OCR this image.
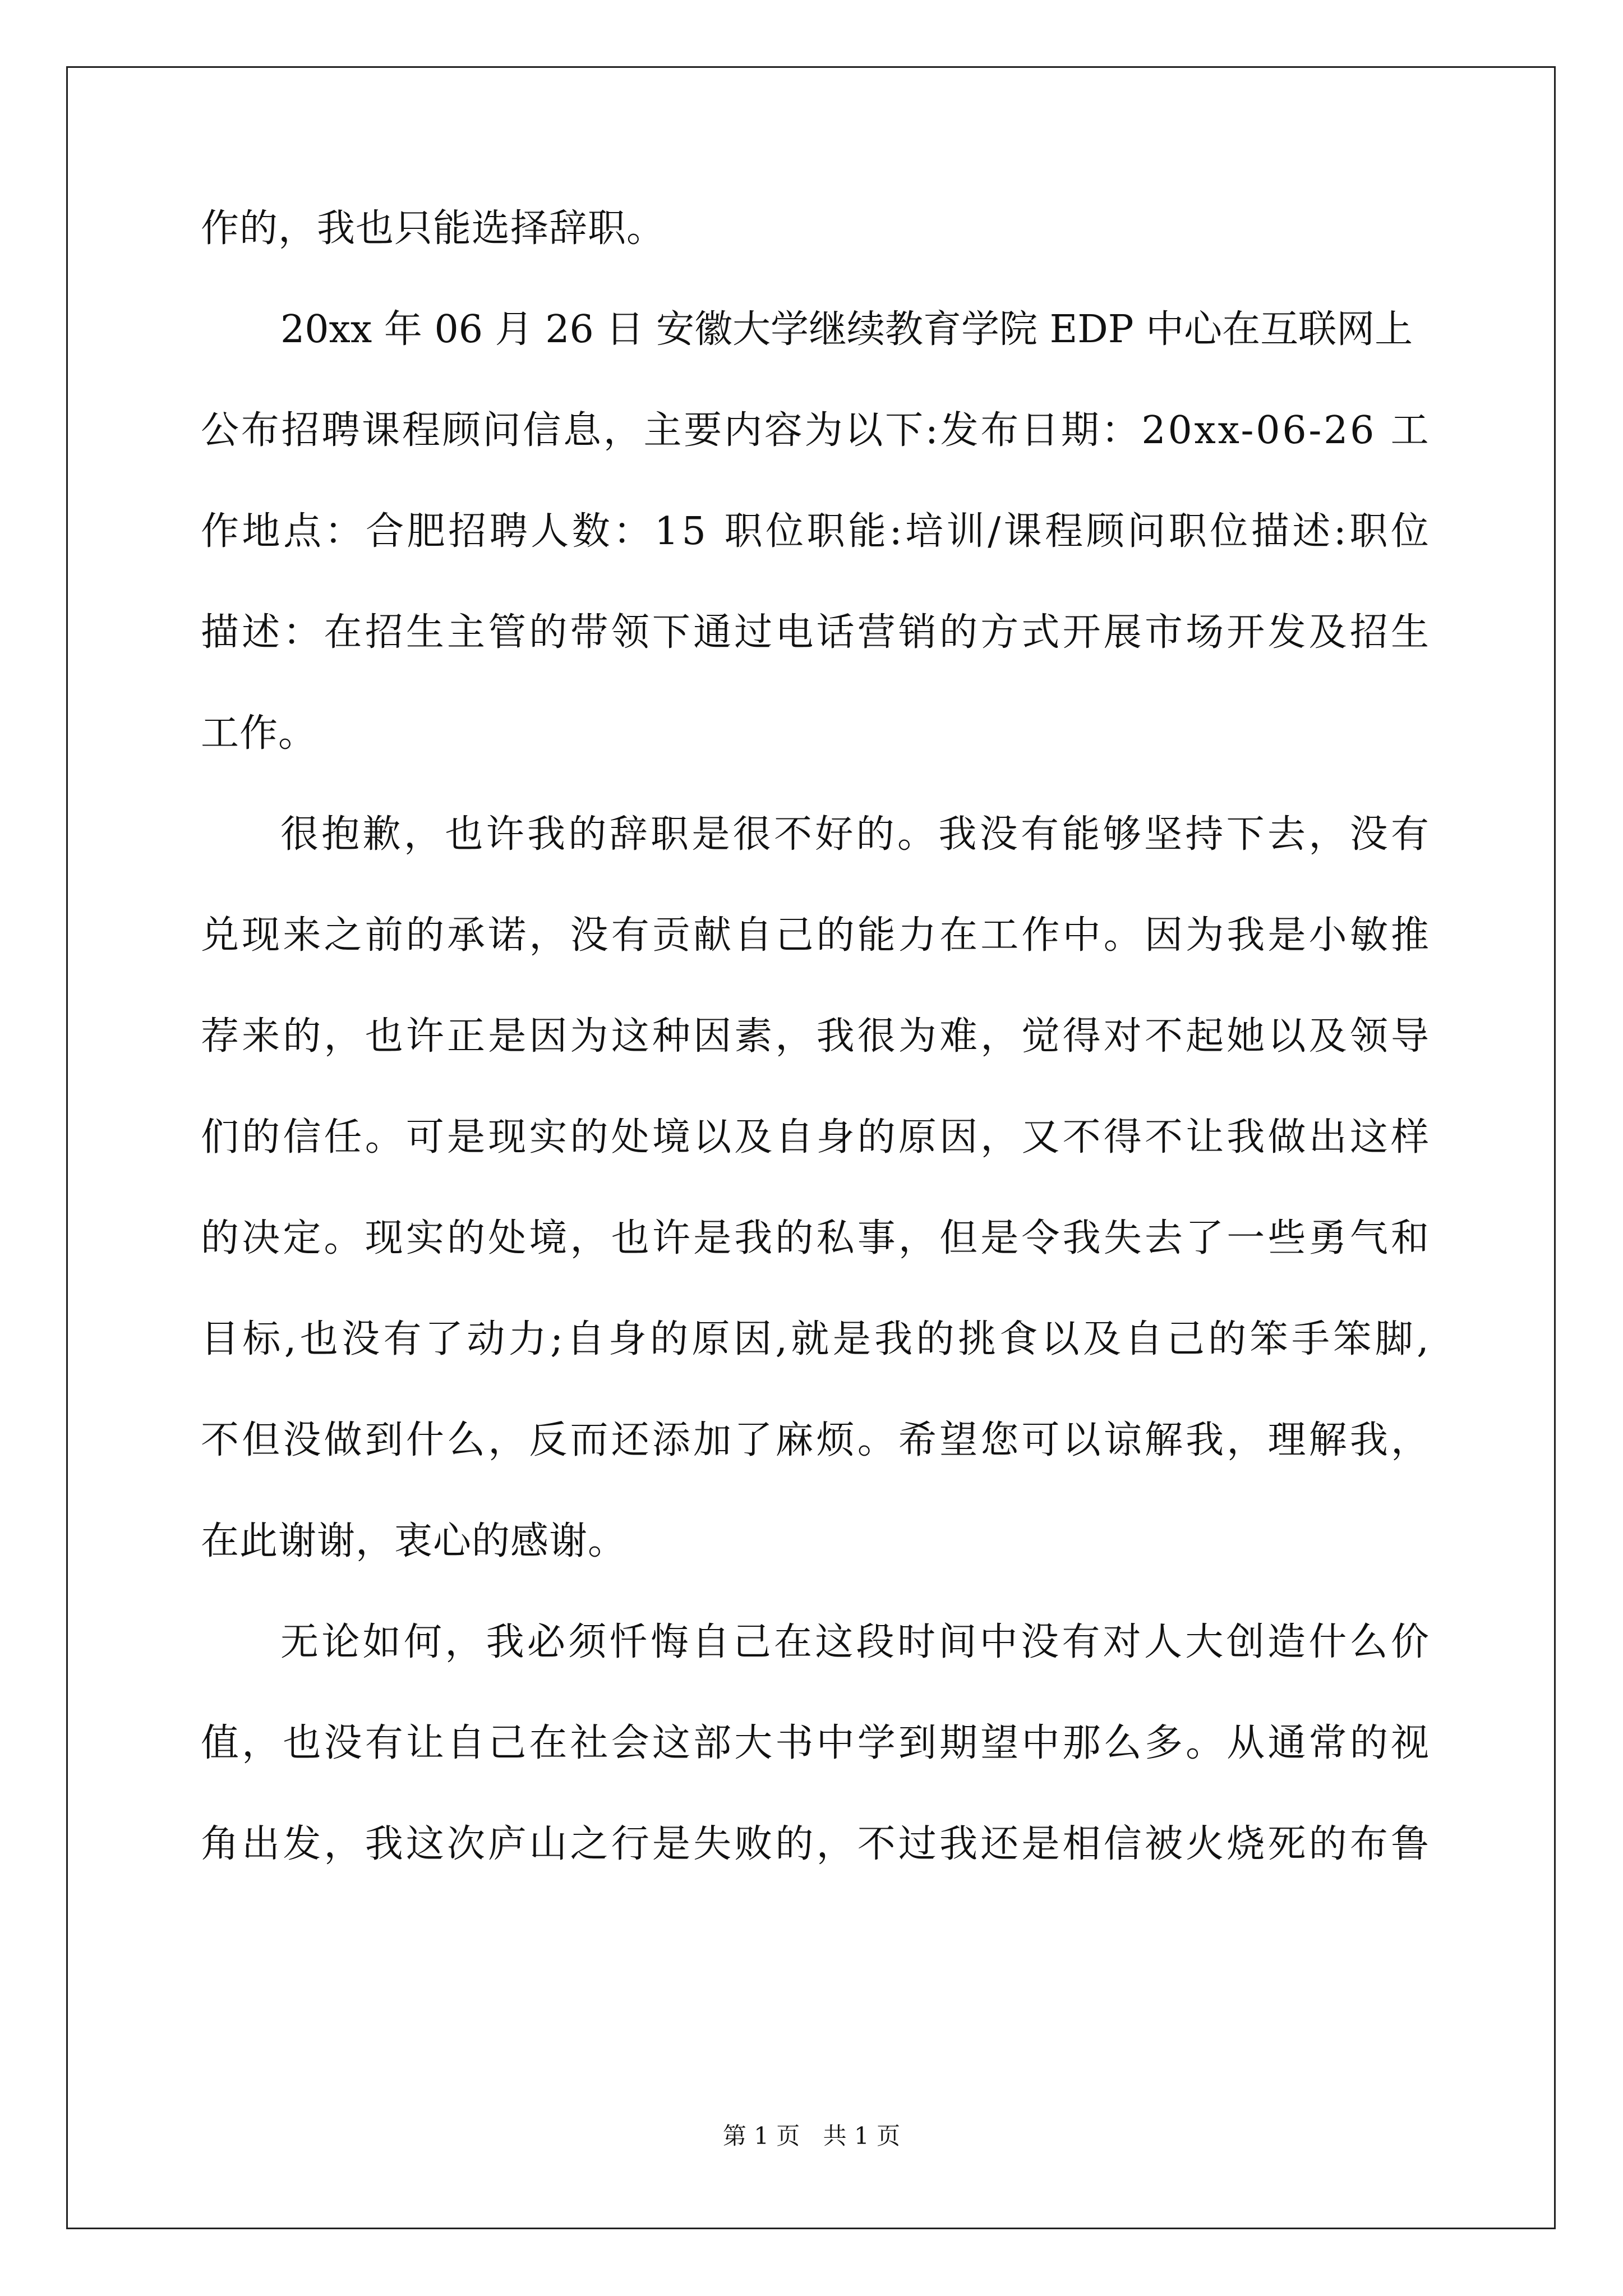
作的，我也只能选择辞职。
20xx 年 06 月 26 日 安徽大学继续教育学院 EDP 中心在互联网上
公布招聘课程顾问信息，主要内容为以下:发布日期：20xx-06-26 工
作地点：合肥招聘人数：15 职位职能:培训/课程顾问职位描述:职位
描述：在招生主管的带领下通过电话营销的方式开展市场开发及招生
工作。
很抱歉，也许我的辞职是很不好的。我没有能够坚持下去，没有
兑现来之前的承诺，没有贡献自己的能力在工作中。因为我是小敏推
荐来的，也许正是因为这种因素，我很为难，觉得对不起她以及领导
们的信任。可是现实的处境以及自身的原因，又不得不让我做出这样
的决定。现实的处境，也许是我的私事，但是令我失去了一些勇气和
目标,也没有了动力;自身的原因,就是我的挑食以及自己的笨手笨脚,
不但没做到什么，反而还添加了麻烦。希望您可以谅解我，理解我，
在此谢谢，衷心的感谢。
无论如何，我必须忏悔自己在这段时间中没有对人大创造什么价
值，也没有让自己在社会这部大书中学到期望中那么多。从通常的视
角出发，我这次庐山之行是失败的，不过我还是相信被火烧死的布鲁
第 1 页 共 1 页
